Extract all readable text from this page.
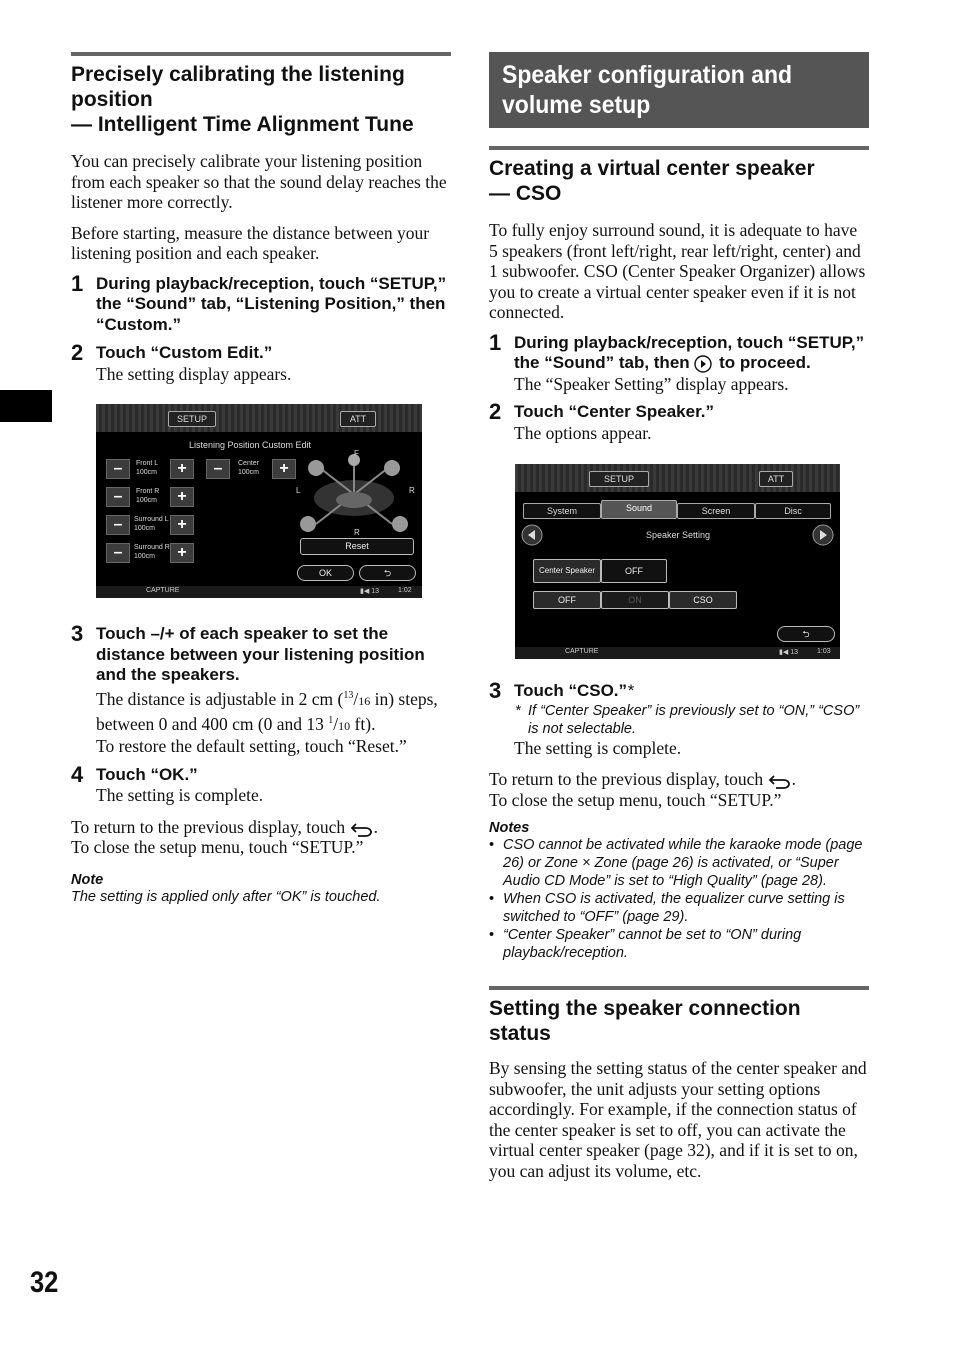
32
Precisely calibrating the listening
position
— Intelligent Time Alignment Tune

You can precisely calibrate your listening position from each speaker so that the sound delay reaches the listener more correctly.

Before starting, measure the distance between your listening position and each speaker.

1 During playback/reception, touch “SETUP,” the “Sound” tab, “Listening Position,” then “Custom.”
2 Touch “Custom Edit.”
The setting display appears.
SETUP	ATT
Listening Position Custom Edit
–	Front L
100cm	+	–	Center
100cm	+
–	Front R
100cm	+
–	Surround L
100cm	+
–	Surround R
100cm	+
F
L	R
R
Reset
OK	⮌
CAPTURE	▮◀ 13	1:02
3 Touch –/+ of each speaker to set the distance between your listening position and the speakers.
The distance is adjustable in 2 cm ($^{13}$/16 in) steps, between 0 and 400 cm (0 and 13 $^1$/10 ft).
To restore the default setting, touch “Reset.”
4 Touch “OK.”
The setting is complete.

To return to the previous display, touch .

To close the setup menu, touch “SETUP.”

Note
The setting is applied only after “OK” is touched.
Speaker configuration and
volume setup
Creating a virtual center speaker
— CSO

To fully enjoy surround sound, it is adequate to have 5 speakers (front left/right, rear left/right, center) and 1 subwoofer. CSO (Center Speaker Organizer) allows you to create a virtual center speaker even if it is not connected.

1 During playback/reception, touch “SETUP,” the “Sound” tab, then to proceed.
The “Speaker Setting” display appears.
2 Touch “Center Speaker.”
The options appear.
SETUP	ATT
System	Sound	Screen	Disc
Speaker Setting
Center Speaker	OFF
OFF	ON	CSO
⮌
CAPTURE	▮◀ 13	1:03
3 Touch “CSO.”*
* If “Center Speaker” is previously set to “ON,” “CSO” is not selectable.
The setting is complete.

To return to the previous display, touch .

To close the setup menu, touch “SETUP.”

Notes
• CSO cannot be activated while the karaoke mode (page 26) or Zone × Zone (page 26) is activated, or “Super Audio CD Mode” is set to “High Quality” (page 28).
• When CSO is activated, the equalizer curve setting is switched to “OFF” (page 29).
• “Center Speaker” cannot be set to “ON” during playback/reception.
Setting the speaker connection
status

By sensing the setting status of the center speaker and subwoofer, the unit adjusts your setting options accordingly. For example, if the connection status of the center speaker is set to off, you can activate the virtual center speaker (page 32), and if it is set to on, you can adjust its volume, etc.
